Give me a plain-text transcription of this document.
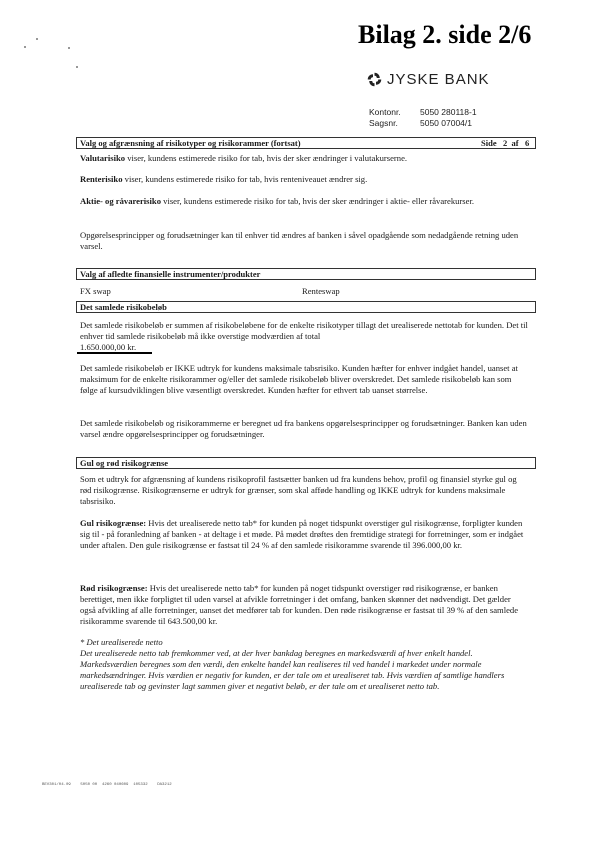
Bilag 2. side 2/6
JYSKE BANK
Kontonr. 5050 280118-1
Sagsnr.	5050 07004/1
Valg og afgrænsning af risikotyper og risikorammer (fortsat)	Side 2 af 6
Valutarisiko viser, kundens estimerede risiko for tab, hvis der sker ændringer i valutakurserne.
Renterisiko viser, kundens estimerede risiko for tab, hvis renteniveauet ændrer sig.
Aktie- og råvarerisiko viser, kundens estimerede risiko for tab, hvis der sker ændringer i aktie- eller råvarekurser.
Opgørelsesprincipper og forudsætninger kan til enhver tid ændres af banken i såvel opadgående som nedadgående retning uden varsel.
Valg af afledte finansielle instrumenter/produkter
FX swap	Renteswap
Det samlede risikobeløb
Det samlede risikobeløb er summen af risikobeløbene for de enkelte risikotyper tillagt det urealiserede nettotab for kunden. Det til enhver tid samlede risikobeløb må ikke overstige modværdien af total
1.650.000,00 kr.
Det samlede risikobeløb er IKKE udtryk for kundens maksimale tabsrisiko. Kunden hæfter for enhver indgået handel, uanset at maksimum for de enkelte risikorammer og/eller det samlede risikobeløb bliver overskredet. Det samlede risikobeløb kan som følge af kursudviklingen blive væsentligt overskredet. Kunden hæfter for ethvert tab uanset størrelse.
Det samlede risikobeløb og risikorammerne er beregnet ud fra bankens opgørelsesprincipper og forudsætninger. Banken kan uden varsel ændre opgørelsesprincipper og forudsætninger.
Gul og rød risikogrænse
Som et udtryk for afgrænsning af kundens risikoprofil fastsætter banken ud fra kundens behov, profil og finansiel styrke gul og rød risikogrænse. Risikogrænserne er udtryk for grænser, som skal afføde handling og IKKE udtryk for kundens maksimale tabsrisiko.
Gul risikogrænse: Hvis det urealiserede netto tab* for kunden på noget tidspunkt overstiger gul risikogrænse, forpligter kunden sig til - på foranledning af banken - at deltage i et møde. På mødet drøftes den fremtidige strategi for forretninger, som er indgået under aftalen. Den gule risikogrænse er fastsat til 24 % af den samlede risikoramme svarende til 396.000,00 kr.
Rød risikogrænse: Hvis det urealiserede netto tab* for kunden på noget tidspunkt overstiger rød risikogrænse, er banken berettiget, men ikke forpligtet til uden varsel at afvikle forretninger i det omfang, banken skønner det nødvendigt. Det gælder også afvikling af alle forretninger, uanset det medfører tab for kunden. Den røde risikogrænse er fastsat til 39 % af den samlede risikoramme svarende til 643.500,00 kr.
* Det urealiserede netto
Det urealiserede netto tab fremkommer ved, at der hver bankdag beregnes en markedsværdi af hver enkelt handel. Markedsværdien beregnes som den værdi, den enkelte handel kan realiseres til ved handel i markedet under normale markedsændringer. Hvis værdien er negativ for kunden, er der tale om et urealiseret tab. Hvis værdien af samtlige handlers urealiserede tab og gevinster lagt sammen giver et negativt beløb, er der tale om et urealiseret netto tab.
BEV301/04.09    5050 00  4260 040609  105332    DA3212
